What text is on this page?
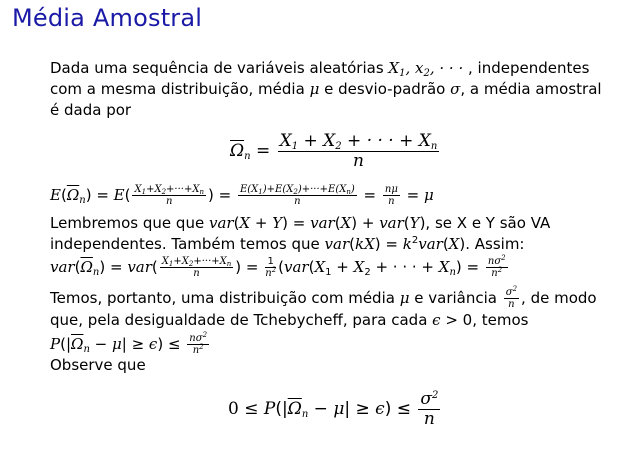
Média Amostral
Dada uma sequência de variáveis aleatórias $X_1$, $x_2$, · · · , independentes
com a mesma distribuição, média μ e desvio-padrão σ, a média amostral
é dada por
$\overline{\Omega}_n = \frac{X_1 + X_2 + \cdot \cdot \cdot + X_n}{n}$
$E(\overline{\Omega}_n) = E( \frac{X_1+X_2+\cdot\cdot\cdot+X_n}{n}$ ) = $\frac{E(X_1)+E(X_2)+\cdot\cdot\cdot+E(X_n)}{n} = \frac{n\mu}{n} = \mu$
Lembremos que que var(X + Y) = var(X) + var(Y), se X e Y são VA
independentes. Também temos que $var(kX) = k^2var(X)$. Assim:
$var(\overline{\Omega}_n) = var( \frac{X_1+X_2+\cdot\cdot\cdot+X_n}{n}$ ) = $\frac{1}{n^2} (var(X_1 + X_2$ + · · · + $X_n) = \frac{n\sigma^2}{n^2}$
Temos, portanto, uma distribuição com média μ e variância $\frac{\sigma^2}{n}$ , de modo
que, pela desigualdade de Tchebycheff, para cada ϵ > 0, temos
$P(|\overline{\Omega}_n - \mu| \ge \epsilon) \le \frac{n\sigma^2}{n^2}$
Observe que
$0 \le P(|\overline{\Omega}_n - \mu| \ge \epsilon) \le \frac{\sigma^2}{n}$
